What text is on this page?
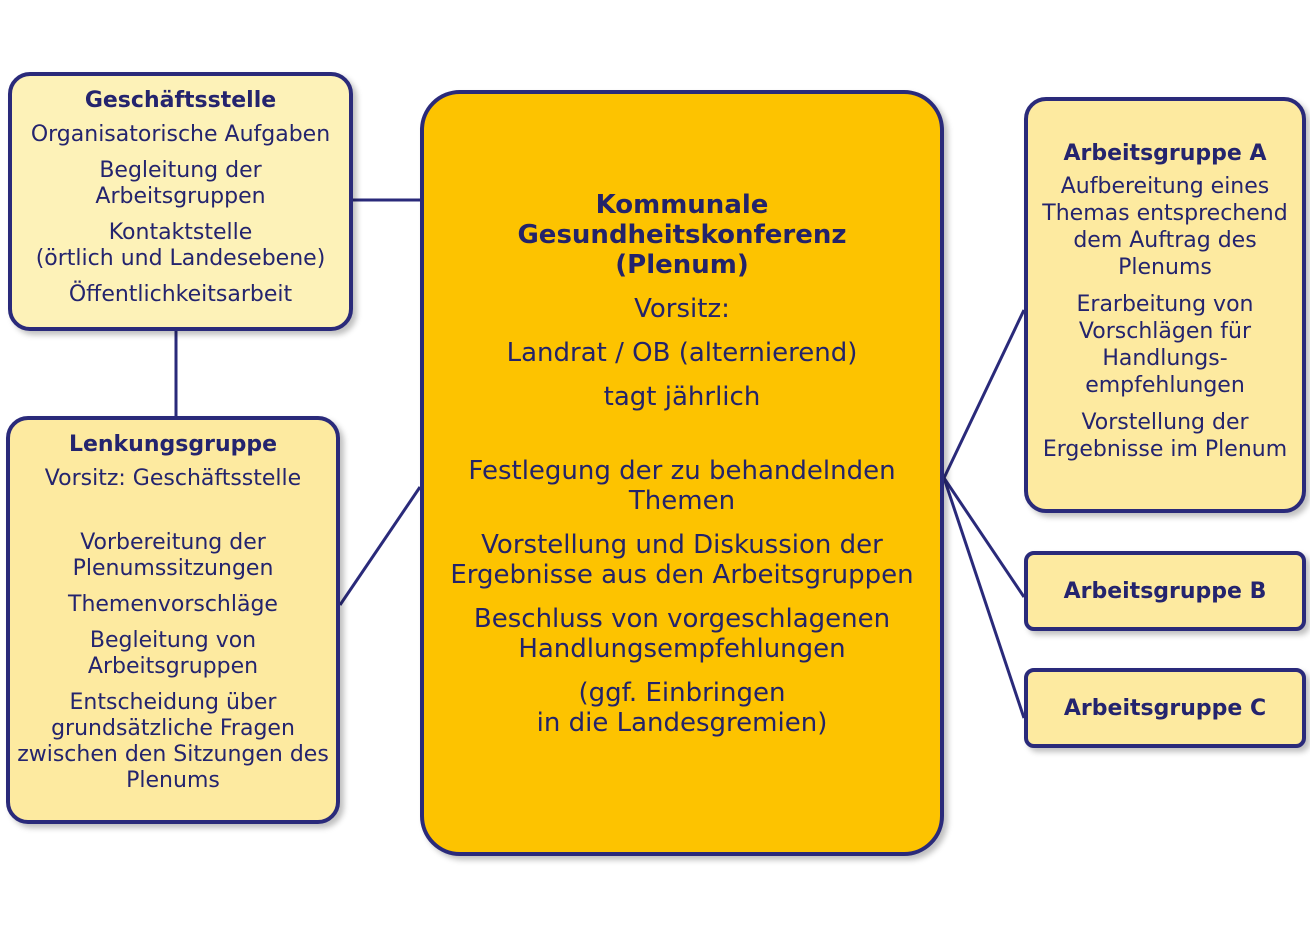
Geschäftsstelle
Organisatorische Aufgaben
Begleitung der
Arbeitsgruppen
Kontaktstelle
(örtlich und Landesebene)
Öffentlichkeitsarbeit
Lenkungsgruppe
Vorsitz: Geschäftsstelle
Vorbereitung der
Plenumssitzungen
Themenvorschläge
Begleitung von
Arbeitsgruppen
Entscheidung über
grundsätzliche Fragen
zwischen den Sitzungen des
Plenums
Kommunale
Gesundheitskonferenz
(Plenum)
Vorsitz:
Landrat / OB (alternierend)
tagt jährlich
Festlegung der zu behandelnden
Themen
Vorstellung und Diskussion der
Ergebnisse aus den Arbeitsgruppen
Beschluss von vorgeschlagenen
Handlungsempfehlungen
(ggf. Einbringen
in die Landesgremien)
Arbeitsgruppe A
Aufbereitung eines
Themas entsprechend
dem Auftrag des
Plenums
Erarbeitung von
Vorschlägen für
Handlungs-
empfehlungen
Vorstellung der
Ergebnisse im Plenum
Arbeitsgruppe B
Arbeitsgruppe C
